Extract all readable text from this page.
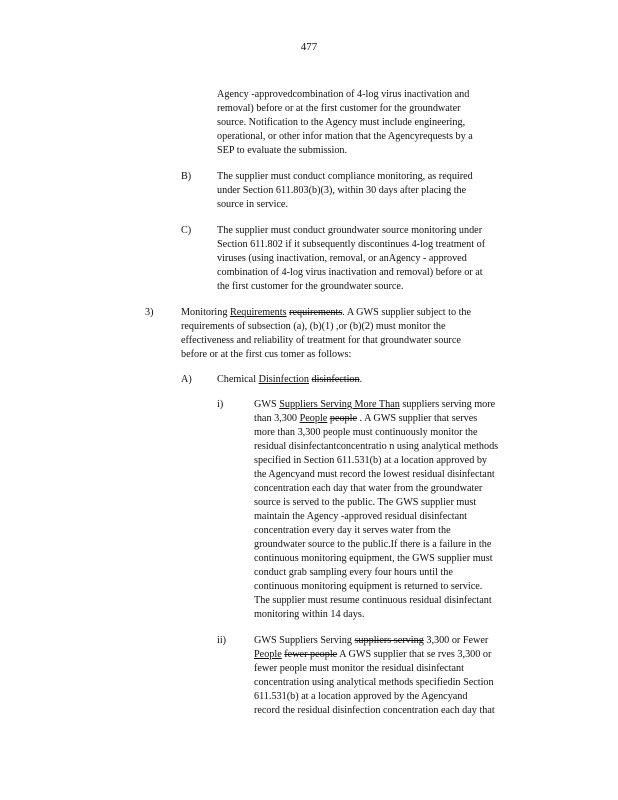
477
Agency -approvedcombination of 4-log virus inactivation and
removal) before or at the first customer for the groundwater
source. Notification to the Agency must include engineering,
operational, or other infor mation that the Agencyrequests by a
SEP to evaluate the submission.
B)	The supplier must conduct compliance monitoring, as required
under Section 611.803(b)(3), within 30 days after placing the
source in service.
C)	The supplier must conduct groundwater source monitoring under
Section 611.802 if it subsequently discontinues 4-log treatment of
viruses (using inactivation, removal, or anAgency - approved
combination of 4-log virus inactivation and removal) before or at
the first customer for the groundwater source.
3)	Monitoring Requirements requirements. A GWS supplier subject to the
requirements of subsection (a), (b)(1) ,or (b)(2) must monitor the
effectiveness and reliability of treatment for that groundwater source
before or at the first cus tomer as follows:
A) Chemical Disinfection disinfection.
i)	GWS Suppliers Serving More Than suppliers serving more
than 3,300 People people . A GWS supplier that serves
more than 3,300 people must continuously monitor the
residual disinfectantconcentratio n using analytical methods
specified in Section 611.531(b) at a location approved by
the Agencyand must record the lowest residual disinfectant
concentration each day that water from the groundwater
source is served to the public. The GWS supplier must
maintain the Agency -approved residual disinfectant
concentration every day it serves water from the
groundwater source to the public.If there is a failure in the
continuous monitoring equipment, the GWS supplier must
conduct grab sampling every four hours until the
continuous monitoring equipment is returned to service.
The supplier must resume continuous residual disinfectant
monitoring within 14 days.
ii)	GWS Suppliers Serving suppliers serving 3,300 or Fewer
People fewer people A GWS supplier that se rves 3,300 or
fewer people must monitor the residual disinfectant
concentration using analytical methods specifiedin Section
611.531(b) at a location approved by the Agencyand
record the residual disinfection concentration each day that
